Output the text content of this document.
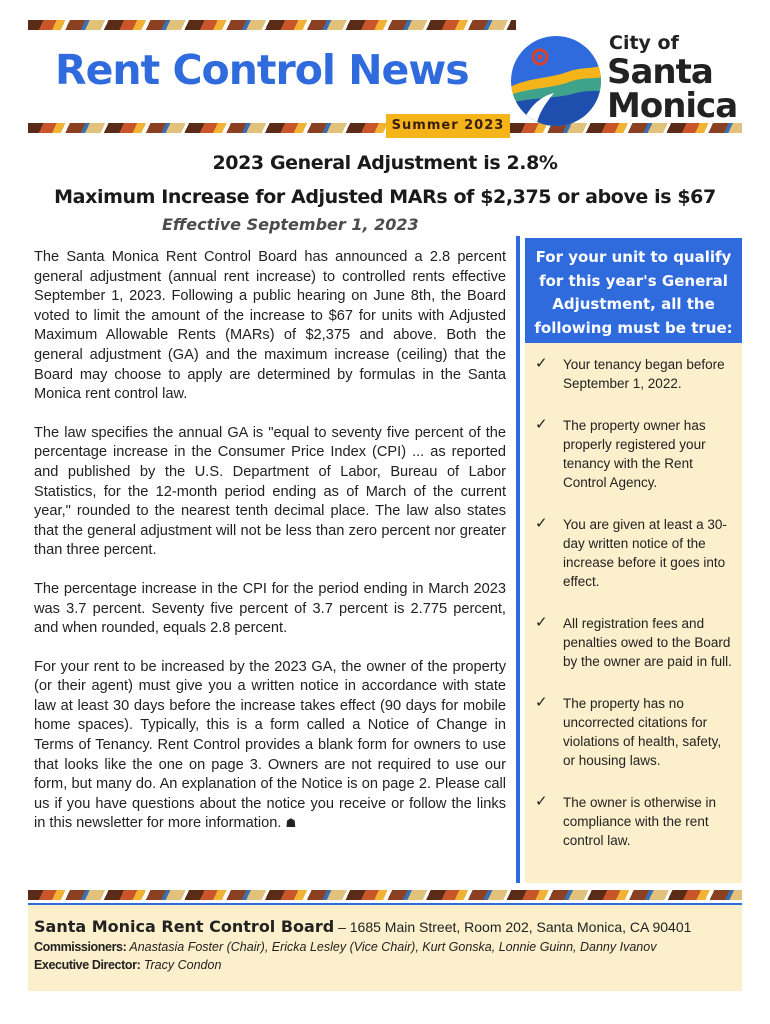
Rent Control News
Summer 2023
City of
Santa
Monica
2023 General Adjustment is 2.8%
Maximum Increase for Adjusted MARs of $2,375 or above is $67
Effective September 1, 2023

The Santa Monica Rent Control Board has announced a 2.8 percent general adjustment (annual rent increase) to controlled rents effective September 1, 2023. Following a public hearing on June 8th, the Board voted to limit the amount of the increase to $67 for units with Adjusted Maximum Allowable Rents (MARs) of $2,375 and above. Both the general adjustment (GA) and the maximum increase (ceiling) that the Board may choose to apply are determined by formulas in the Santa Monica rent control law.

The law specifies the annual GA is "equal to seventy five percent of the percentage increase in the Consumer Price Index (CPI) ... as reported and published by the U.S. Department of Labor, Bureau of Labor Statistics, for the 12-month period ending as of March of the current year," rounded to the nearest tenth decimal place. The law also states that the general adjustment will not be less than zero percent nor greater than three percent.

The percentage increase in the CPI for the period ending in March 2023 was 3.7 percent. Seventy five percent of 3.7 percent is 2.775 percent, and when rounded, equals 2.8 percent.

For your rent to be increased by the 2023 GA, the owner of the property (or their agent) must give you a written notice in accordance with state law at least 30 days before the increase takes effect (90 days for mobile home spaces). Typically, this is a form called a Notice of Change in Terms of Tenancy. Rent Control provides a blank form for owners to use that looks like the one on page 3. Owners are not required to use our form, but many do. An explanation of the Notice is on page 2. Please call us if you have questions about the notice you receive or follow the links in this newsletter for more information. ☗

For your unit to qualify for this year's General Adjustment, all the following must be true:
✓ Your tenancy began before September 1, 2022.
✓ The property owner has properly registered your tenancy with the Rent Control Agency.
✓ You are given at least a 30-day written notice of the increase before it goes into effect.
✓ All registration fees and penalties owed to the Board by the owner are paid in full.
✓ The property has no uncorrected citations for violations of health, safety, or housing laws.
✓ The owner is otherwise in compliance with the rent control law.
Santa Monica Rent Control Board – 1685 Main Street, Room 202, Santa Monica, CA 90401
Commissioners: Anastasia Foster (Chair), Ericka Lesley (Vice Chair), Kurt Gonska, Lonnie Guinn, Danny Ivanov
Executive Director: Tracy Condon
